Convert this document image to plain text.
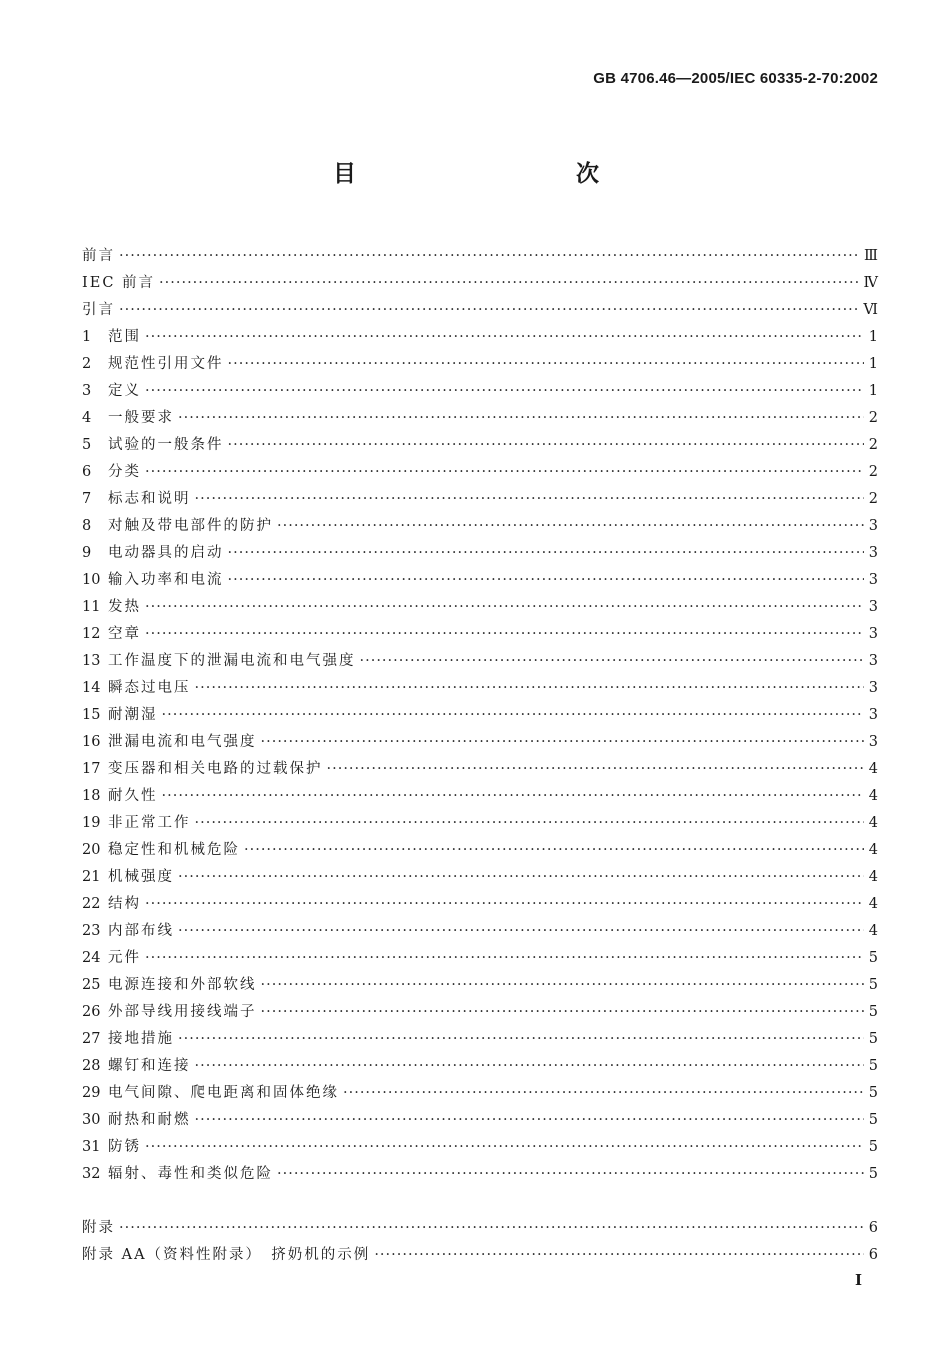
GB 4706.46—2005/IEC 60335-2-70:2002
目　　次
前言 ·····	Ⅲ
IEC 前言 ·····	Ⅳ
引言 ·····	Ⅵ
1	范围 ·····	1
2	规范性引用文件 ·····	1
3	定义 ·····	1
4	一般要求 ·····	2
5	试验的一般条件 ·····	2
6	分类 ·····	2
7	标志和说明 ·····	2
8	对触及带电部件的防护 ·····	3
9	电动器具的启动 ·····	3
10 输入功率和电流 ·····	3
11 发热 ·····	3
12 空章 ·····	3
13 工作温度下的泄漏电流和电气强度 ·····	3
14 瞬态过电压 ·····	3
15 耐潮湿 ·····	3
16 泄漏电流和电气强度 ·····	3
17 变压器和相关电路的过载保护 ·····	4
18 耐久性 ·····	4
19 非正常工作 ·····	4
20 稳定性和机械危险 ·····	4
21 机械强度 ·····	4
22 结构 ·····	4
23 内部布线 ·····	4
24 元件 ·····	5
25 电源连接和外部软线 ·····	5
26 外部导线用接线端子 ·····	5
27 接地措施 ·····	5
28 螺钉和连接 ·····	5
29 电气间隙、爬电距离和固体绝缘 ·····	5
30 耐热和耐燃 ·····	5
31 防锈 ·····	5
32 辐射、毒性和类似危险 ·····	5
附录 ·····	6
附录 AA（资料性附录）　挤奶机的示例 ·····	6
I
